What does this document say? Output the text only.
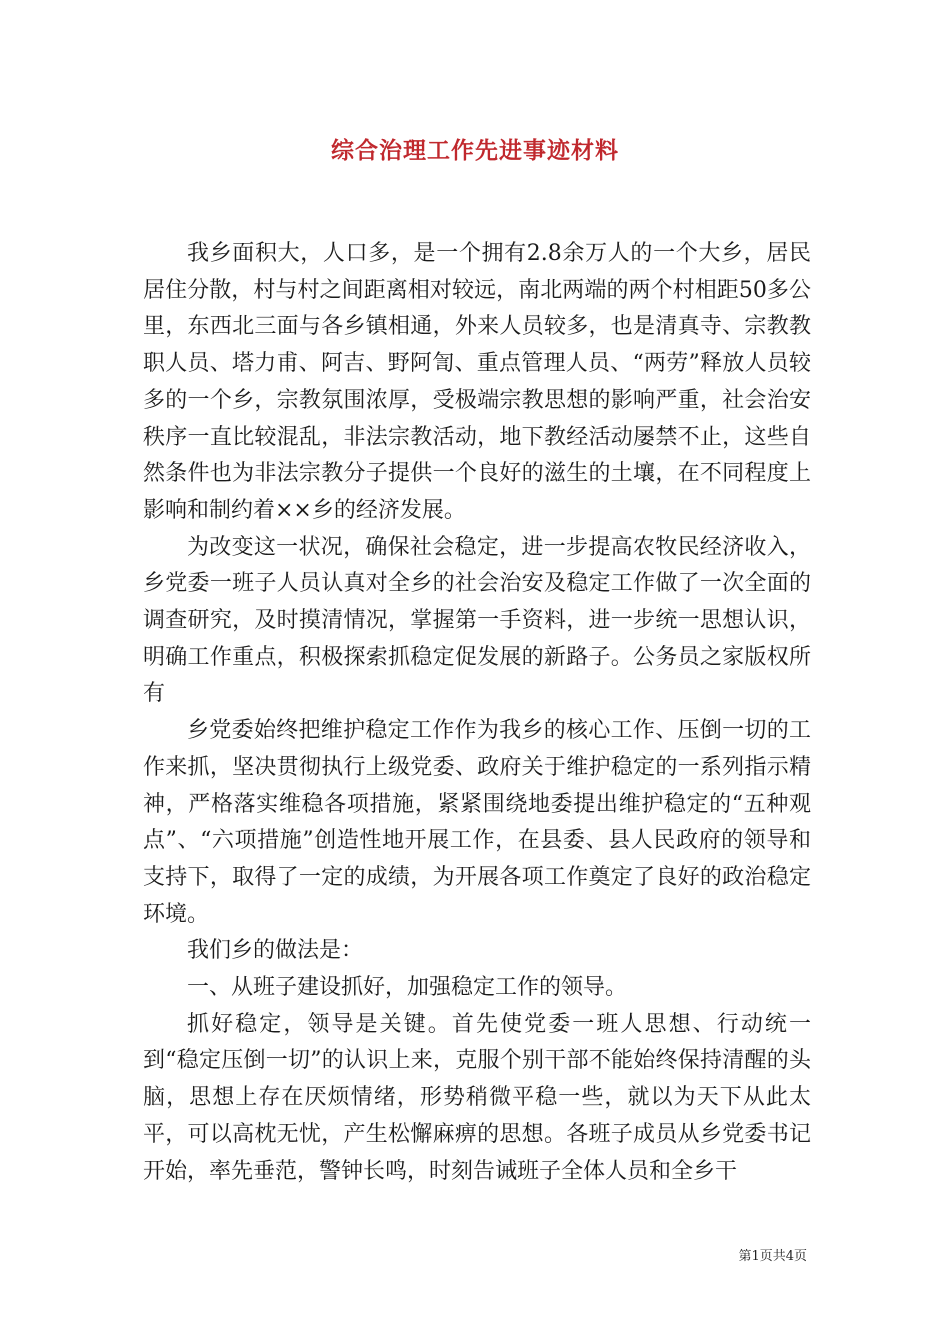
综合治理工作先进事迹材料

我乡面积大，人口多，是一个拥有2.8余万人的一个大乡，居民居住分散，村与村之间距离相对较远，南北两端的两个村相距50多公里，东西北三面与各乡镇相通，外来人员较多，也是清真寺、宗教教职人员、塔力甫、阿吉、野阿訇、重点管理人员、“两劳”释放人员较多的一个乡，宗教氛围浓厚，受极端宗教思想的影响严重，社会治安秩序一直比较混乱，非法宗教活动，地下教经活动屡禁不止，这些自然条件也为非法宗教分子提供一个良好的滋生的土壤，在不同程度上影响和制约着××乡的经济发展。

为改变这一状况，确保社会稳定，进一步提高农牧民经济收入，乡党委一班子人员认真对全乡的社会治安及稳定工作做了一次全面的调查研究，及时摸清情况，掌握第一手资料，进一步统一思想认识，明确工作重点，积极探索抓稳定促发展的新路子。公务员之家版权所有

乡党委始终把维护稳定工作作为我乡的核心工作、压倒一切的工作来抓，坚决贯彻执行上级党委、政府关于维护稳定的一系列指示精神，严格落实维稳各项措施，紧紧围绕地委提出维护稳定的“五种观点”、“六项措施”创造性地开展工作，在县委、县人民政府的领导和支持下，取得了一定的成绩，为开展各项工作奠定了良好的政治稳定环境。

我们乡的做法是：

一、从班子建设抓好，加强稳定工作的领导。

抓好稳定，领导是关键。首先使党委一班人思想、行动统一到“稳定压倒一切”的认识上来，克服个别干部不能始终保持清醒的头脑，思想上存在厌烦情绪，形势稍微平稳一些，就以为天下从此太平，可以高枕无忧，产生松懈麻痹的思想。各班子成员从乡党委书记开始，率先垂范，警钟长鸣，时刻告诫班子全体人员和全乡干

第1页共4页
